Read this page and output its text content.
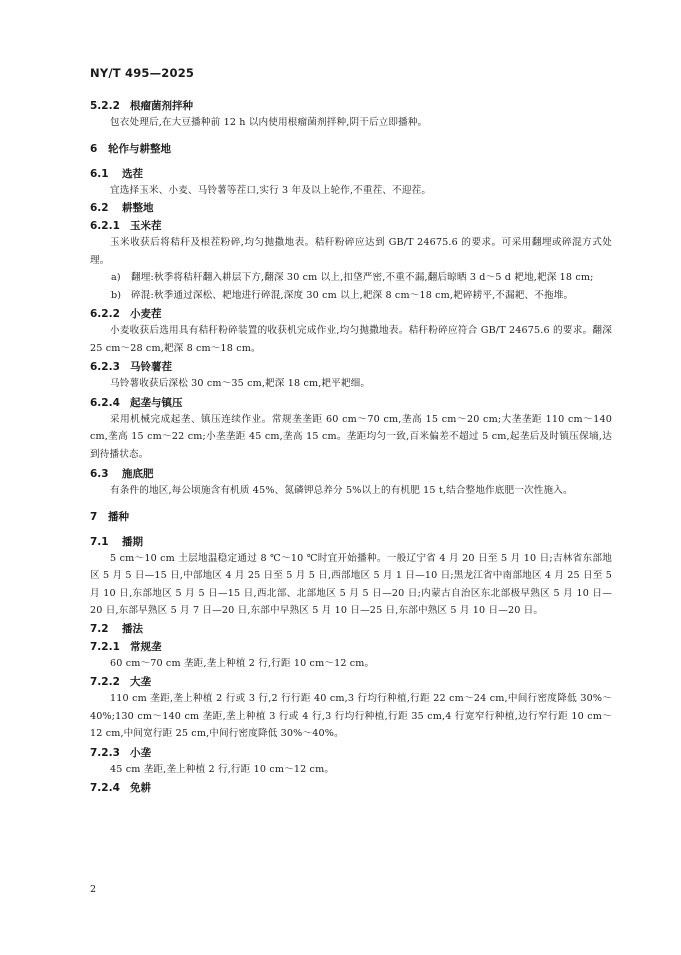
NY/T 495—2025
5.2.2 根瘤菌剂拌种
包衣处理后,在大豆播种前 12 h 以内使用根瘤菌剂拌种,阴干后立即播种。
6 轮作与耕整地
6.1 选茬
宜选择玉米、小麦、马铃薯等茬口,实行 3 年及以上轮作,不重茬、不迎茬。
6.2 耕整地
6.2.1 玉米茬
玉米收获后将秸秆及根茬粉碎,均匀抛撒地表。秸秆粉碎应达到 GB/T 24675.6 的要求。可采用翻埋或碎混方式处理。
a) 翻埋:秋季将秸秆翻入耕层下方,翻深 30 cm 以上,扣垡严密,不重不漏,翻后晾晒 3 d～5 d 耙地,耙深 18 cm;
b) 碎混:秋季通过深松、耙地进行碎混,深度 30 cm 以上,耙深 8 cm～18 cm,耙碎耢平,不漏耙、不拖堆。
6.2.2 小麦茬
小麦收获后选用具有秸秆粉碎装置的收获机完成作业,均匀抛撒地表。秸秆粉碎应符合 GB/T 24675.6 的要求。翻深 25 cm～28 cm,耙深 8 cm～18 cm。
6.2.3 马铃薯茬
马铃薯收获后深松 30 cm～35 cm,耙深 18 cm,耙平耙细。
6.2.4 起垄与镇压
采用机械完成起垄、镇压连续作业。常规垄垄距 60 cm～70 cm,垄高 15 cm～20 cm;大垄垄距 110 cm～140 cm,垄高 15 cm～22 cm;小垄垄距 45 cm,垄高 15 cm。垄距均匀一致,百米偏差不超过 5 cm,起垄后及时镇压保墒,达到待播状态。
6.3 施底肥
有条件的地区,每公顷施含有机质 45%、氮磷钾总养分 5%以上的有机肥 15 t,结合整地作底肥一次性施入。
7 播种
7.1 播期
5 cm～10 cm 土层地温稳定通过 8 ℃～10 ℃时宜开始播种。一般辽宁省 4 月 20 日至 5 月 10 日;吉林省东部地区 5 月 5 日—15 日,中部地区 4 月 25 日至 5 月 5 日,西部地区 5 月 1 日—10 日;黑龙江省中南部地区 4 月 25 日至 5 月 10 日,东部地区 5 月 5 日—15 日,西北部、北部地区 5 月 5 日—20 日;内蒙古自治区东北部极早熟区 5 月 10 日—20 日,东部早熟区 5 月 7 日—20 日,东部中早熟区 5 月 10 日—25 日,东部中熟区 5 月 10 日—20 日。
7.2 播法
7.2.1 常规垄
60 cm～70 cm 垄距,垄上种植 2 行,行距 10 cm～12 cm。
7.2.2 大垄
110 cm 垄距,垄上种植 2 行或 3 行,2 行行距 40 cm,3 行均行种植,行距 22 cm～24 cm,中间行密度降低 30%～40%;130 cm～140 cm 垄距,垄上种植 3 行或 4 行,3 行均行种植,行距 35 cm,4 行宽窄行种植,边行窄行距 10 cm～12 cm,中间宽行距 25 cm,中间行密度降低 30%～40%。
7.2.3 小垄
45 cm 垄距,垄上种植 2 行,行距 10 cm～12 cm。
7.2.4 免耕
2
